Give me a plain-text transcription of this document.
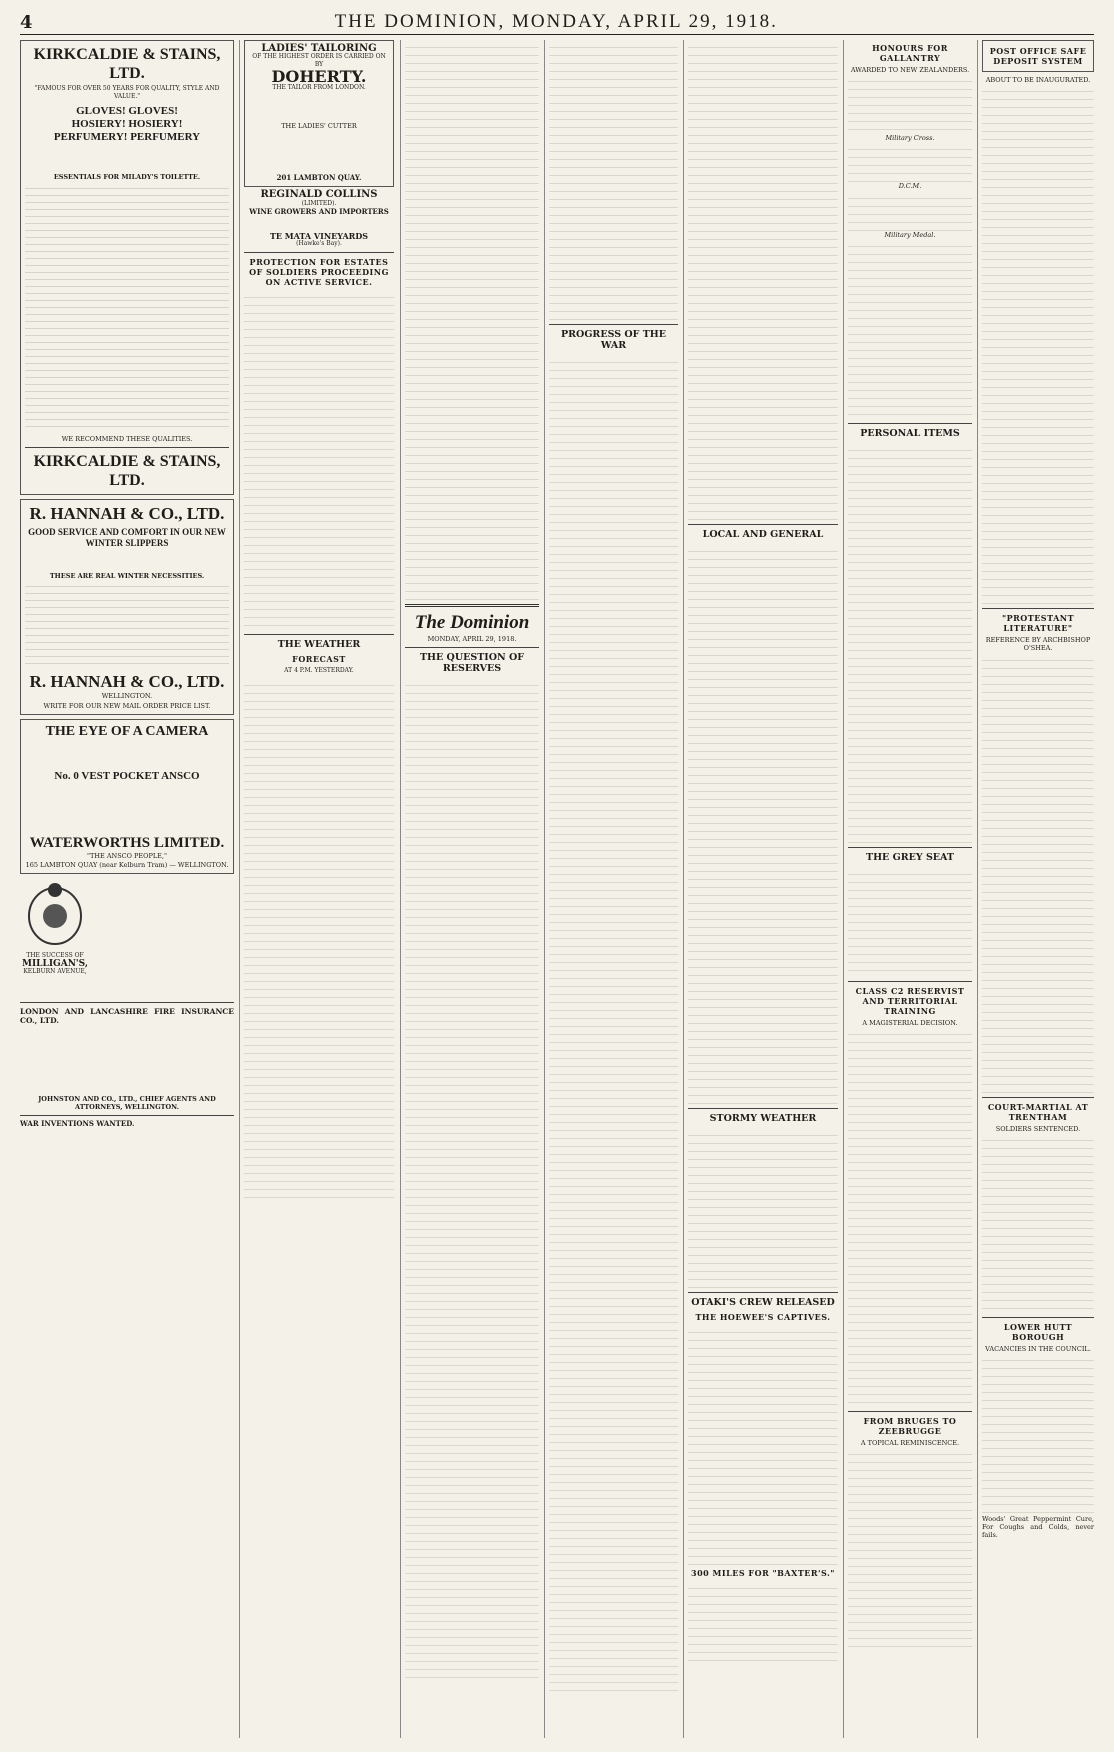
4	THE DOMINION, MONDAY, APRIL 29, 1918.
KIRKCALDIE & STAINS, LTD.
"FAMOUS FOR OVER 50 YEARS FOR QUALITY, STYLE AND VALUE."
GLOVES! GLOVES!
HOSIERY! HOSIERY!
PERFUMERY! PERFUMERY
ESSENTIALS FOR MILADY'S TOILETTE.
WE RECOMMEND THESE QUALITIES.
KIRKCALDIE & STAINS, LTD.
R. HANNAH & CO., LTD.
GOOD SERVICE AND COMFORT IN OUR NEW WINTER SLIPPERS
THESE ARE REAL WINTER NECESSITIES.
R. HANNAH & CO., LTD.
WELLINGTON.
WRITE FOR OUR NEW MAIL ORDER PRICE LIST.
THE EYE OF A CAMERA
No. 0 VEST POCKET ANSCO
WATERWORTHS LIMITED.
"THE ANSCO PEOPLE,"
165 LAMBTON QUAY (near Kelburn Tram) — WELLINGTON.
THE SUCCESS OF
MILLIGAN'S,
KELBURN AVENUE,
LONDON AND LANCASHIRE FIRE INSURANCE CO., LTD.
JOHNSTON AND CO., LTD., CHIEF AGENTS AND ATTORNEYS, WELLINGTON.
WAR INVENTIONS WANTED.
LADIES' TAILORING
OF THE HIGHEST ORDER IS CARRIED ON BY
DOHERTY.
THE TAILOR FROM LONDON.
THE LADIES' CUTTER
201 LAMBTON QUAY.
REGINALD COLLINS
(LIMITED).
WINE GROWERS AND IMPORTERS
TE MATA VINEYARDS
(Hawke's Bay).
PROTECTION FOR ESTATES OF SOLDIERS PROCEEDING ON ACTIVE SERVICE.

THE WEATHER
FORECAST
AT 4 P.M. YESTERDAY.

The Dominion
MONDAY, APRIL 29, 1918.
THE QUESTION OF RESERVES

PROGRESS OF THE WAR

LOCAL AND GENERAL

STORMY WEATHER

OTAKI'S CREW RELEASED
THE HOEWEE'S CAPTIVES.

300 MILES FOR "BAXTER'S."

HONOURS FOR GALLANTRY
AWARDED TO NEW ZEALANDERS.

Military Cross.

D.C.M.

Military Medal.

PERSONAL ITEMS

THE GREY SEAT

CLASS C2 RESERVIST AND TERRITORIAL TRAINING
A MAGISTERIAL DECISION.

FROM BRUGES TO ZEEBRUGGE
A TOPICAL REMINISCENCE.

POST OFFICE SAFE DEPOSIT SYSTEM
ABOUT TO BE INAUGURATED.

"PROTESTANT LITERATURE"
REFERENCE BY ARCHBISHOP O'SHEA.

COURT-MARTIAL AT TRENTHAM
SOLDIERS SENTENCED.

LOWER HUTT BOROUGH
VACANCIES IN THE COUNCIL.

Woods' Great Peppermint Cure, For Coughs and Colds, never fails.
